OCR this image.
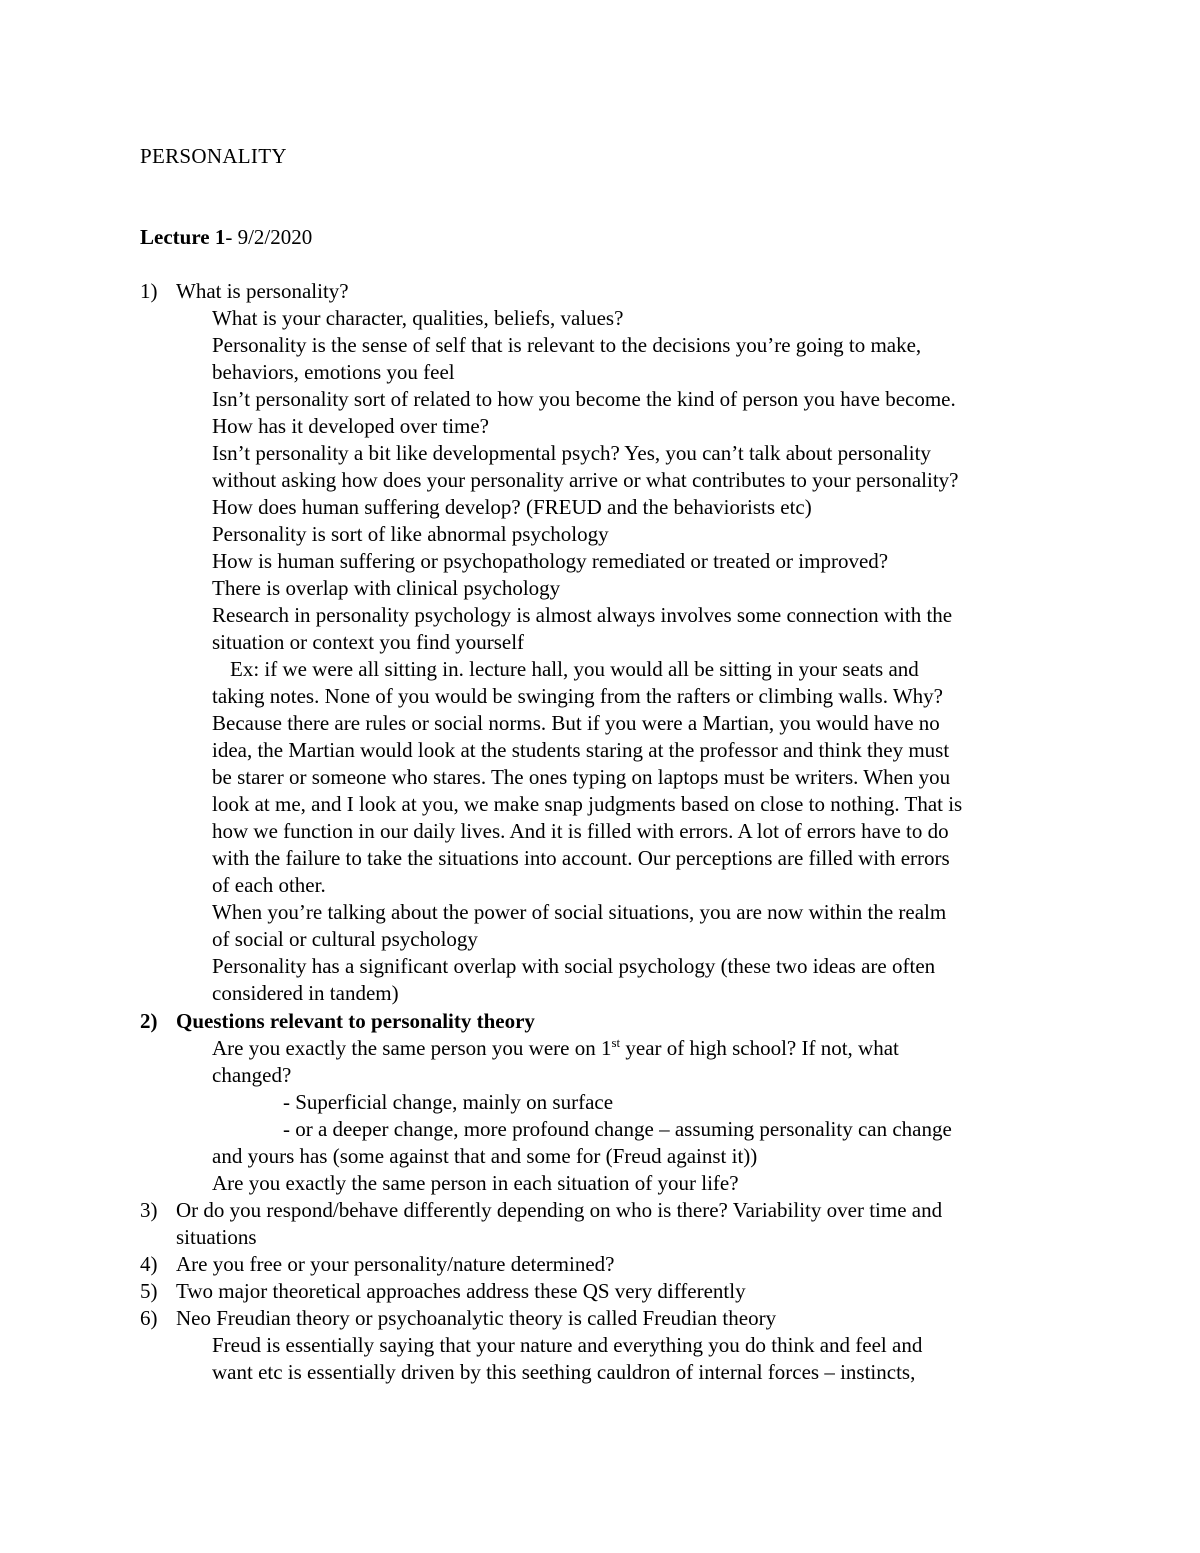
PERSONALITY
Lecture 1- 9/2/2020
1) What is personality?
What is your character, qualities, beliefs, values?
Personality is the sense of self that is relevant to the decisions you’re going to make,
behaviors, emotions you feel
Isn’t personality sort of related to how you become the kind of person you have become.
How has it developed over time?
Isn’t personality a bit like developmental psych? Yes, you can’t talk about personality
without asking how does your personality arrive or what contributes to your personality?
How does human suffering develop? (FREUD and the behaviorists etc)
Personality is sort of like abnormal psychology
How is human suffering or psychopathology remediated or treated or improved?
There is overlap with clinical psychology
Research in personality psychology is almost always involves some connection with the
situation or context you find yourself
Ex: if we were all sitting in. lecture hall, you would all be sitting in your seats and
taking notes. None of you would be swinging from the rafters or climbing walls. Why?
Because there are rules or social norms. But if you were a Martian, you would have no
idea, the Martian would look at the students staring at the professor and think they must
be starer or someone who stares. The ones typing on laptops must be writers. When you
look at me, and I look at you, we make snap judgments based on close to nothing. That is
how we function in our daily lives. And it is filled with errors. A lot of errors have to do
with the failure to take the situations into account. Our perceptions are filled with errors
of each other.
When you’re talking about the power of social situations, you are now within the realm
of social or cultural psychology
Personality has a significant overlap with social psychology (these two ideas are often
considered in tandem)
2) Questions relevant to personality theory
Are you exactly the same person you were on 1st year of high school? If not, what
changed?
- Superficial change, mainly on surface
- or a deeper change, more profound change – assuming personality can change
and yours has (some against that and some for (Freud against it))
Are you exactly the same person in each situation of your life?
3) Or do you respond/behave differently depending on who is there? Variability over time and
situations
4) Are you free or your personality/nature determined?
5) Two major theoretical approaches address these QS very differently
6) Neo Freudian theory or psychoanalytic theory is called Freudian theory
Freud is essentially saying that your nature and everything you do think and feel and
want etc is essentially driven by this seething cauldron of internal forces – instincts,
